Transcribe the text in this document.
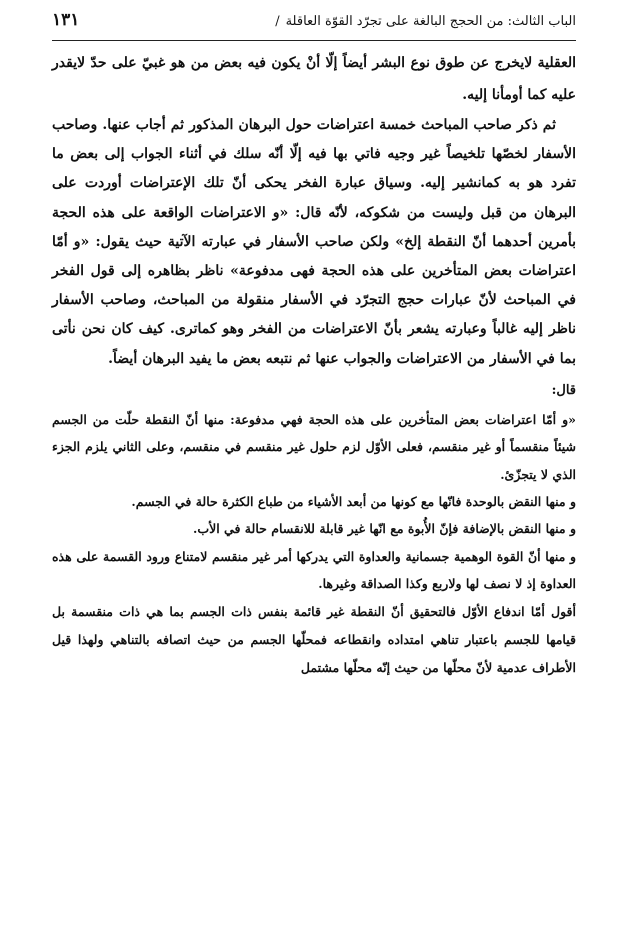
الباب الثالث: من الحجج البالغة على تجرّد القوّة العاقلة
/
١٣١

العقلية لايخرج عن طوق نوع البشر أيضاً إلّا أنْ يكون فيه بعض من هو غبيّ على حدّ لايقدر عليه كما أومأنا إليه.

ثم ذكر صاحب المباحث خمسة اعتراضات حول البرهان المذكور ثم أجاب عنها. وصاحب الأسفار لخصّها تلخيصاً غير وجيه فاتي بها فيه إلّا أنّه سلك في أثناء الجواب إلى بعض ما تفرد هو به كمانشير إليه. وسياق عبارة الفخر يحكى أنّ تلك الإعتراضات أوردت على البرهان من قبل وليست من شكوكه، لأنّه قال: «و الاعتراضات الواقعة على هذه الحجة بأمرين أحدهما أنّ النقطة إلخ» ولكن صاحب الأسفار في عبارته الآتية حيث يقول: «و أمّا اعتراضات بعض المتأخرين على هذه الحجة فهى مدفوعة» ناظر بظاهره إلى قول الفخر في المباحث لأنّ عبارات حجج التجرّد في الأسفار منقولة من المباحث، وصاحب الأسفار ناظر إليه غالباً وعبارته يشعر بأنّ الاعتراضات من الفخر وهو كماترى. كيف كان نحن نأتى بما في الأسفار من الاعتراضات والجواب عنها ثم نتبعه بعض ما يفيد البرهان أيضاً.

قال:

«و أمّا اعتراضات بعض المتأخرين على هذه الحجة فهي مدفوعة: منها أنّ النقطة حلّت من الجسم شيئاً منقسماً أو غير منقسم، فعلى الأوّل لزم حلول غير منقسم في منقسم، وعلى الثاني يلزم الجزء الذي لا يتجزّئ.

و منها النقض بالوحدة فانّها مع كونها من أبعد الأشياء من طباع الكثرة حالة في الجسم.

و منها النقض بالإضافة فإنّ الأُبوة مع انّها غير قابلة للانقسام حالة في الأب.

و منها أنّ القوة الوهمية جسمانية والعداوة التي يدركها أمر غير منقسم لامتناع ورود القسمة على هذه العداوة إذ لا نصف لها ولاربع وكذا الصداقة وغيرها.

أقول أمّا اندفاع الأوّل فالتحقيق أنّ النقطة غير قائمة بنفس ذات الجسم بما هي ذات منقسمة بل قيامها للجسم باعتبار تناهي امتداده وانقطاعه فمحلّها الجسم من حيث اتصافه بالتناهي ولهذا قيل الأطراف عدمية لأنّ محلّها من حيث إنّه محلّها مشتمل
